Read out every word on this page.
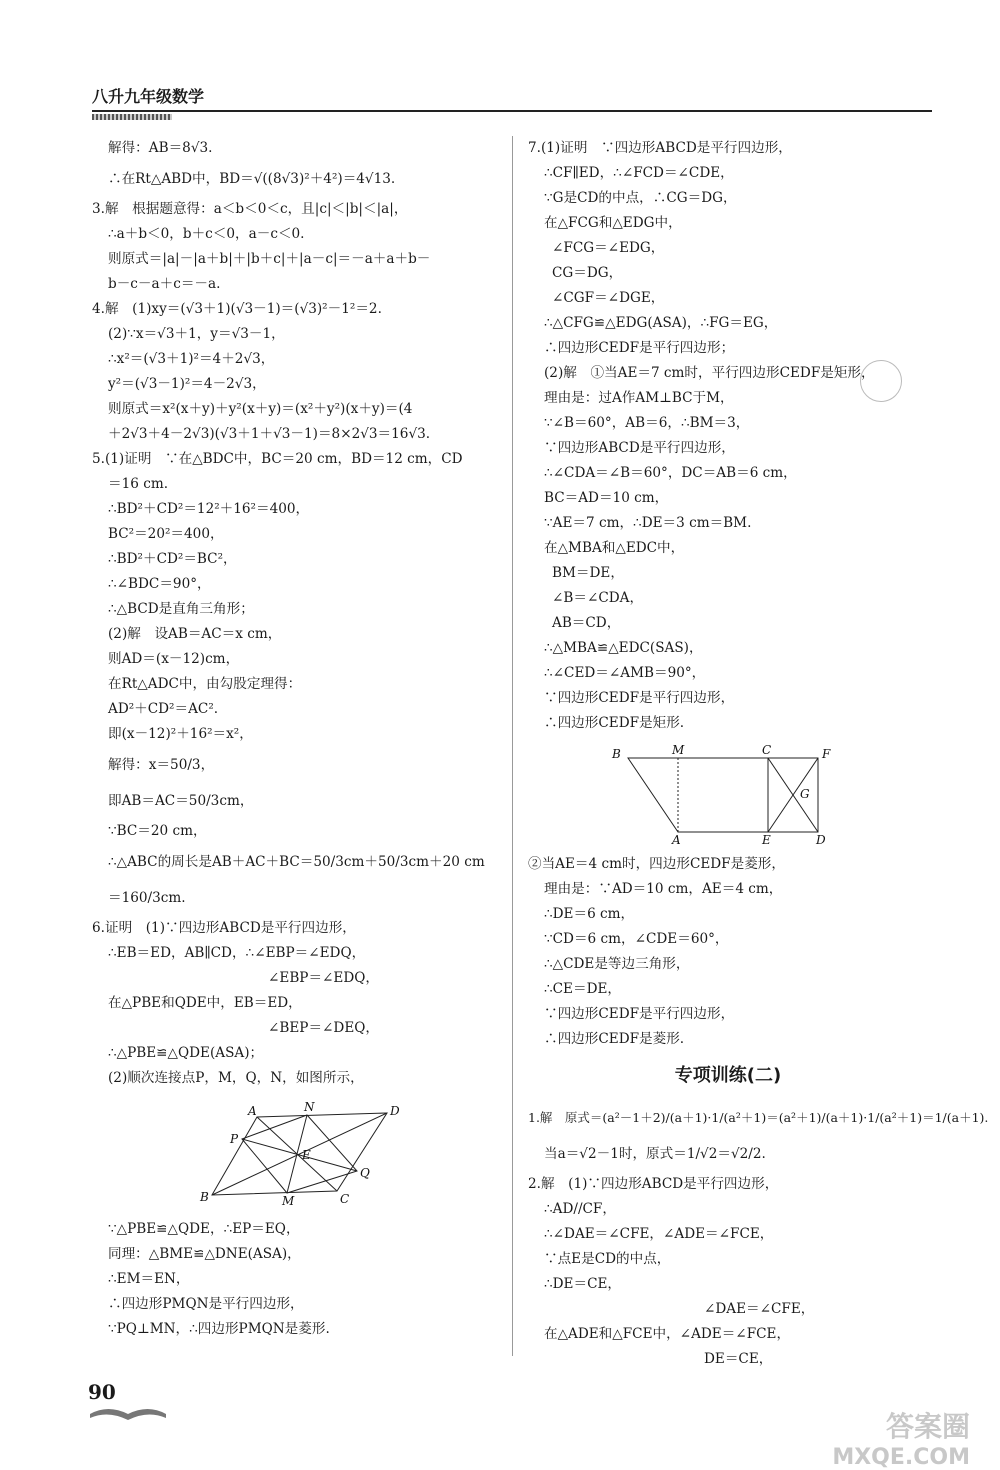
八升九年级数学
解得：AB＝8√3.
∴在Rt△ABD中，BD＝√((8√3)²＋4²)＝4√13.
3.解　根据题意得：a＜b＜0＜c，且|c|＜|b|＜|a|，
∴a＋b＜0，b＋c＜0，a－c＜0.
则原式＝|a|－|a＋b|＋|b＋c|＋|a－c|＝－a＋a＋b－
b－c－a＋c＝－a.
4.解　(1)xy＝(√3＋1)(√3－1)＝(√3)²－1²＝2.
(2)∵x＝√3＋1，y＝√3－1，
∴x²＝(√3＋1)²＝4＋2√3，
y²＝(√3－1)²＝4－2√3，
则原式＝x²(x＋y)＋y²(x＋y)＝(x²＋y²)(x＋y)＝(4
＋2√3＋4－2√3)(√3＋1＋√3－1)＝8×2√3＝16√3.
5.(1)证明　∵在△BDC中，BC＝20 cm，BD＝12 cm，CD
＝16 cm.
∴BD²＋CD²＝12²＋16²＝400，
BC²＝20²＝400，
∴BD²＋CD²＝BC²，
∴∠BDC＝90°，
∴△BCD是直角三角形；
(2)解　设AB＝AC＝x cm，
则AD＝(x－12)cm，
在Rt△ADC中，由勾股定理得：
AD²＋CD²＝AC².
即(x－12)²＋16²＝x²，
解得：x＝50/3，
即AB＝AC＝50/3cm，
∵BC＝20 cm，
∴△ABC的周长是AB＋AC＋BC＝50/3cm＋50/3cm＋20 cm
＝160/3cm.
6.证明　(1)∵四边形ABCD是平行四边形，
∴EB＝ED，AB∥CD，∴∠EBP＝∠EDQ，
∠EBP＝∠EDQ，
在△PBE和QDE中，EB＝ED，
∠BEP＝∠DEQ，
∴△PBE≌△QDE(ASA)；
(2)顺次连接点P，M，Q，N，如图所示，
A	N	D
P
E
Q
B	M	C
∵△PBE≌△QDE，∴EP＝EQ，
同理：△BME≌△DNE(ASA)，
∴EM＝EN，
∴四边形PMQN是平行四边形，
∵PQ⊥MN，∴四边形PMQN是菱形.
7.(1)证明　∵四边形ABCD是平行四边形，
∴CF∥ED，∴∠FCD＝∠CDE，
∵G是CD的中点，∴CG＝DG，
在△FCG和△EDG中，
∠FCG＝∠EDG，
CG＝DG，
∠CGF＝∠DGE，
∴△CFG≌△EDG(ASA)，∴FG＝EG，
∴四边形CEDF是平行四边形；
(2)解　①当AE＝7 cm时，平行四边形CEDF是矩形，
理由是：过A作AM⊥BC于M，
∵∠B＝60°，AB＝6，∴BM＝3，
∵四边形ABCD是平行四边形，
∴∠CDA＝∠B＝60°，DC＝AB＝6 cm，
BC＝AD＝10 cm，
∵AE＝7 cm，∴DE＝3 cm＝BM.
在△MBA和△EDC中，
BM＝DE，
∠B＝∠CDA，
AB＝CD，
∴△MBA≌△EDC(SAS)，
∴∠CED＝∠AMB＝90°，
∵四边形CEDF是平行四边形，
∴四边形CEDF是矩形.
B	M	C	F
G
A	E	D
②当AE＝4 cm时，四边形CEDF是菱形，
理由是：∵AD＝10 cm，AE＝4 cm，
∴DE＝6 cm，
∵CD＝6 cm，∠CDE＝60°，
∴△CDE是等边三角形，
∴CE＝DE，
∵四边形CEDF是平行四边形，
∴四边形CEDF是菱形.
专项训练(二)
1.解　原式＝(a²－1＋2)/(a＋1)·1/(a²＋1)＝(a²＋1)/(a＋1)·1/(a²＋1)＝1/(a＋1).
当a＝√2－1时，原式＝1/√2＝√2/2.
2.解　(1)∵四边形ABCD是平行四边形，
∴AD//CF，
∴∠DAE＝∠CFE，∠ADE＝∠FCE，
∵点E是CD的中点，
∴DE＝CE，
∠DAE＝∠CFE，
在△ADE和△FCE中，∠ADE＝∠FCE，
DE＝CE，
90
答案圈
MXQE.COM
